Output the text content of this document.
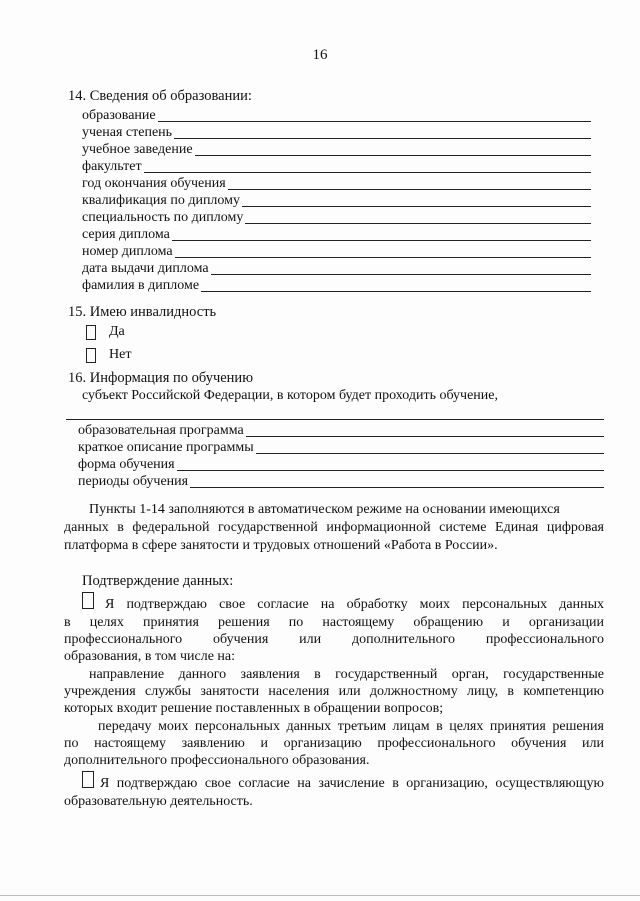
16
14. Сведения об образовании:
образование
ученая степень
учебное заведение
факультет
год окончания обучения
квалификация по диплому
специальность по диплому
серия диплома
номер диплома
дата выдачи диплома
фамилия в дипломе
15. Имею инвалидность
Да
Нет
16. Информация по обучению
субъект Российской Федерации, в котором будет проходить обучение,
образовательная программа
краткое описание программы
форма обучения
периоды обучения
Пункты 1-14 заполняются в автоматическом режиме на основании имеющихся
данных в федеральной государственной информационной системе Единая цифровая
платформа в сфере занятости и трудовых отношений «Работа в России».
Подтверждение данных:
Я подтверждаю свое согласие на обработку моих персональных данных
в целях принятия решения по настоящему обращению и организации
профессионального обучения или дополнительного профессионального
образования, в том числе на:
направление данного заявления в государственный орган, государственные
учреждения службы занятости населения или должностному лицу, в компетенцию
которых входит решение поставленных в обращении вопросов;
передачу моих персональных данных третьим лицам в целях принятия решения
по настоящему заявлению и организацию профессионального обучения или
дополнительного профессионального образования.
Я подтверждаю свое согласие на зачисление в организацию, осуществляющую
образовательную деятельность.
